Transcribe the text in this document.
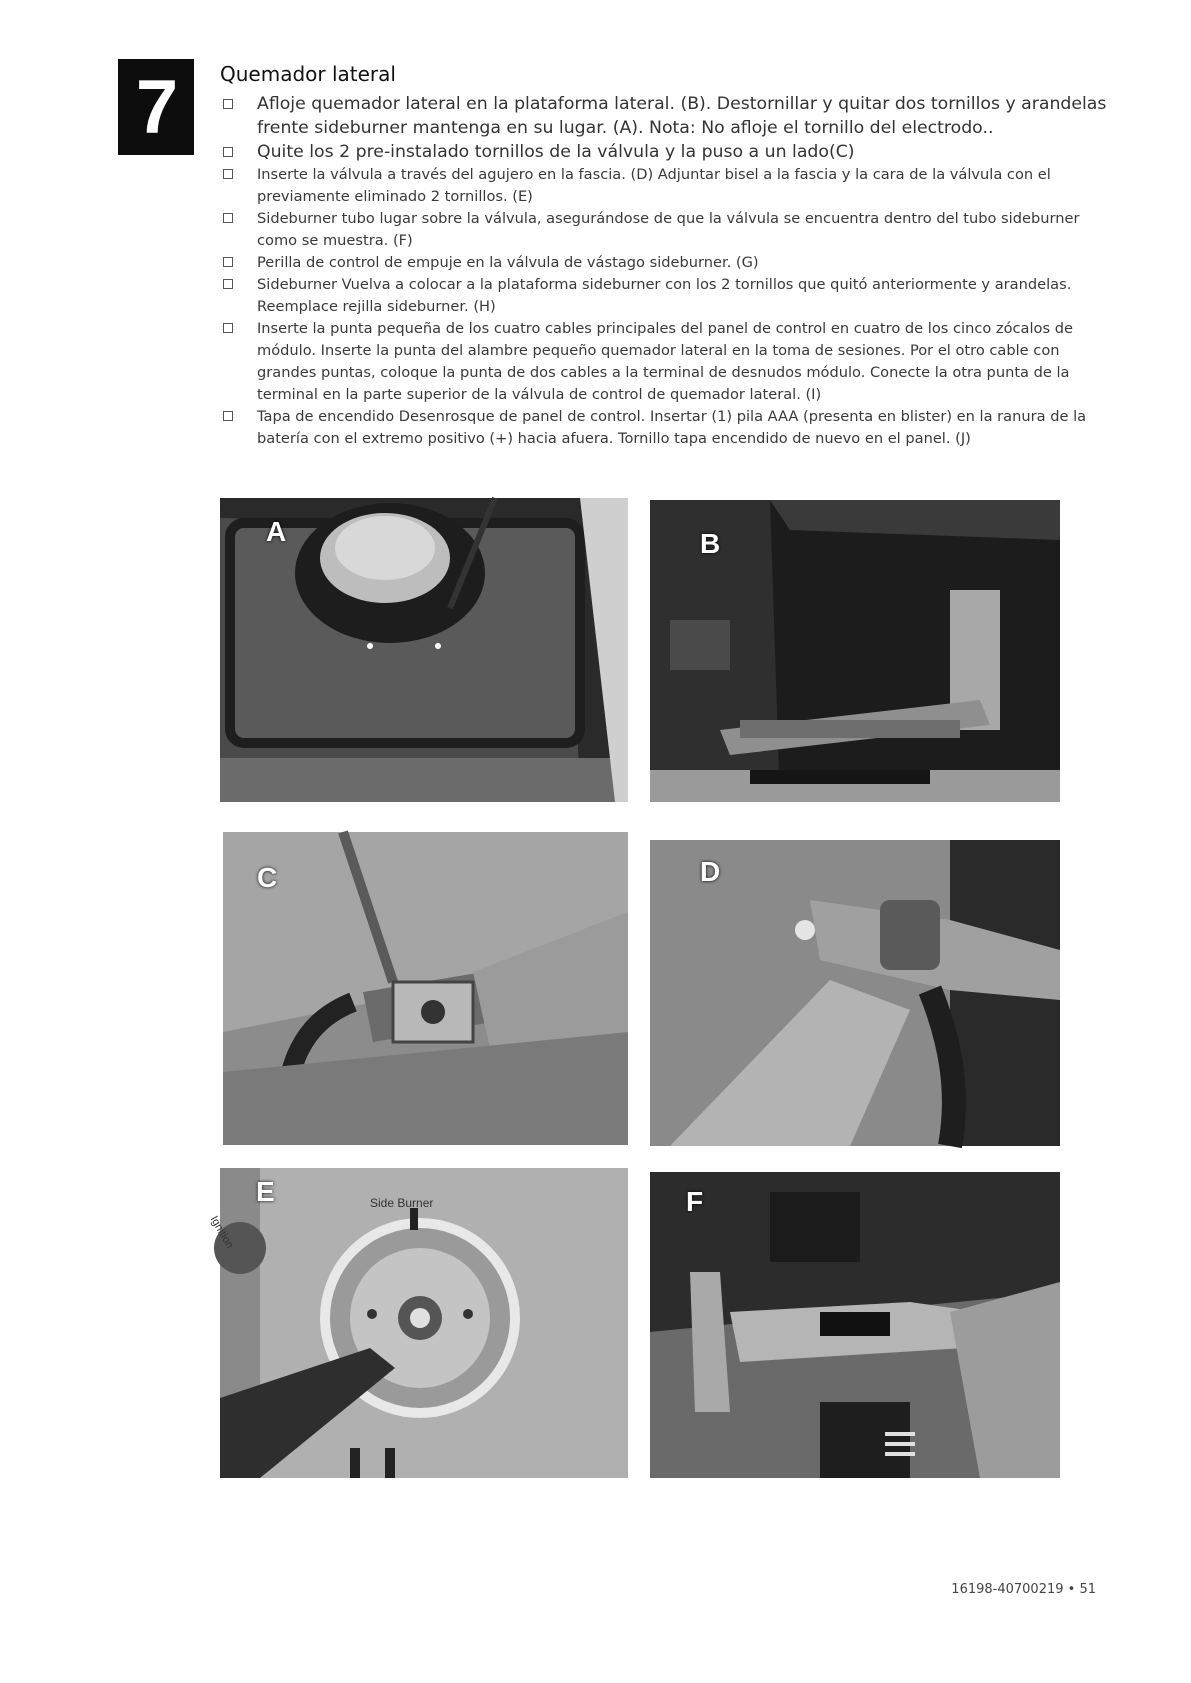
7 Quemador lateral
Afloje quemador lateral en la plataforma lateral. (B). Destornillar y quitar dos tornillos y arandelas frente sideburner mantenga en su lugar. (A). Nota: No afloje el tornillo del electrodo..
Quite los 2 pre-instalado tornillos de la válvula y la puso a un lado(C)
Inserte la válvula a través del agujero en la fascia. (D) Adjuntar bisel a la fascia y la cara de la válvula con el previamente eliminado 2 tornillos. (E)
Sideburner tubo lugar sobre la válvula, asegurándose de que la válvula se encuentra dentro del tubo sideburner como se muestra. (F)
Perilla de control de empuje en la válvula de vástago sideburner. (G)
Sideburner Vuelva a colocar a la plataforma sideburner con los 2 tornillos que quitó anteriormente y arandelas. Reemplace rejilla sideburner. (H)
Inserte la punta pequeña de los cuatro cables principales del panel de control en cuatro de los cinco zócalos de módulo. Inserte la punta del alambre pequeño quemador lateral en la toma de sesiones. Por el otro cable con grandes puntas, coloque la punta de dos cables a la terminal de desnudos módulo. Conecte la otra punta de la terminal en la parte superior de la válvula de control de quemador lateral. (I)
Tapa de encendido Desenrosque de panel de control. Insertar (1) pila AAA (presenta en blister) en la ranura de la batería con el extremo positivo (+) hacia afuera. Tornillo tapa encendido de nuevo en el panel. (J)
A	B
C	D
E	Side Burner
Ignition
F
16198-40700219 • 51
